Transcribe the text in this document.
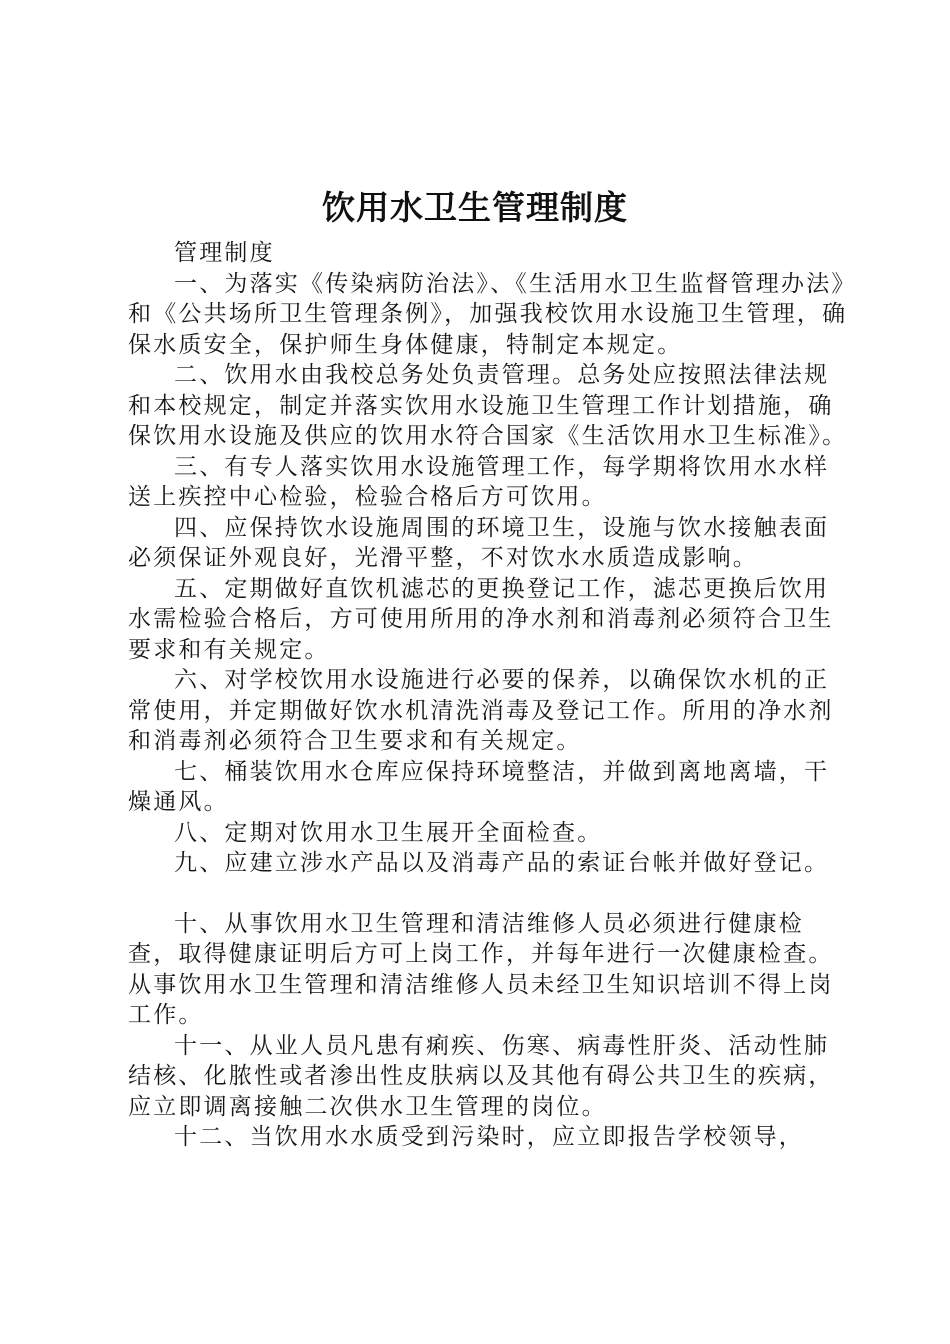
饮用水卫生管理制度

管理制度

一、为落实《传染病防治法》、《生活用水卫生监督管理办法》和《公共场所卫生管理条例》，加强我校饮用水设施卫生管理，确保水质安全，保护师生身体健康，特制定本规定。

二、饮用水由我校总务处负责管理。总务处应按照法律法规和本校规定，制定并落实饮用水设施卫生管理工作计划措施，确保饮用水设施及供应的饮用水符合国家《生活饮用水卫生标准》。

三、有专人落实饮用水设施管理工作，每学期将饮用水水样送上疾控中心检验，检验合格后方可饮用。

四、应保持饮水设施周围的环境卫生，设施与饮水接触表面必须保证外观良好，光滑平整，不对饮水水质造成影响。

五、定期做好直饮机滤芯的更换登记工作，滤芯更换后饮用水需检验合格后，方可使用所用的净水剂和消毒剂必须符合卫生要求和有关规定。

六、对学校饮用水设施进行必要的保养，以确保饮水机的正常使用，并定期做好饮水机清洗消毒及登记工作。所用的净水剂和消毒剂必须符合卫生要求和有关规定。

七、桶装饮用水仓库应保持环境整洁，并做到离地离墙，干燥通风。

八、定期对饮用水卫生展开全面检查。

九、应建立涉水产品以及消毒产品的索证台帐并做好登记。

十、从事饮用水卫生管理和清洁维修人员必须进行健康检查，取得健康证明后方可上岗工作，并每年进行一次健康检查。从事饮用水卫生管理和清洁维修人员未经卫生知识培训不得上岗工作。

十一、从业人员凡患有痢疾、伤寒、病毒性肝炎、活动性肺结核、化脓性或者渗出性皮肤病以及其他有碍公共卫生的疾病，应立即调离接触二次供水卫生管理的岗位。

十二、当饮用水水质受到污染时，应立即报告学校领导，
